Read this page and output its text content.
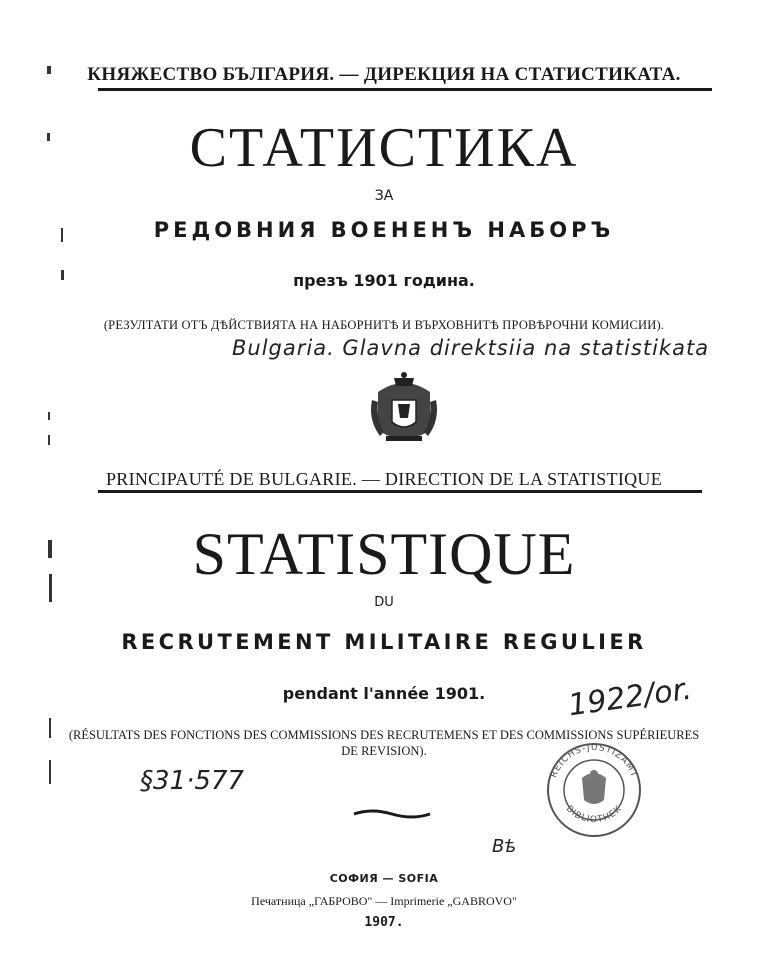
КНЯЖЕСТВО БЪЛГАРИЯ. — ДИРЕКЦИЯ НА СТАТИСТИКАТА.
СТАТИСТИКА
ЗА
РЕДОВНИЯ ВОЕНЕНЪ НАБОРЪ
презъ 1901 година.
(РЕЗУЛТАТИ ОТЪ ДѢЙСТВИЯТА НА НАБОРНИТѢ И ВЪРХОВНИТѢ ПРОВѢРОЧНИ КОМИСИИ).
Bulgaria. Glavna direktsiia na statistikata
PRINCIPAUTÉ DE BULGARIE. — DIRECTION DE LA STATISTIQUE
STATISTIQUE
DU
RECRUTEMENT MILITAIRE REGULIER
pendant l'année 1901.
(RÉSULTATS DES FONCTIONS DES COMMISSIONS DES RECRUTEMENS ET DES COMMISSIONS SUPÉRIEURES
DE REVISION).
1922/or.
§31·577
Вѣ
REICHS-JUSTIZAMT
BIBLIOTHEK
СОФИЯ — SOFIA
Печатница „ГАБРОВО" — Imprimerie „GABROVO"
1907.
